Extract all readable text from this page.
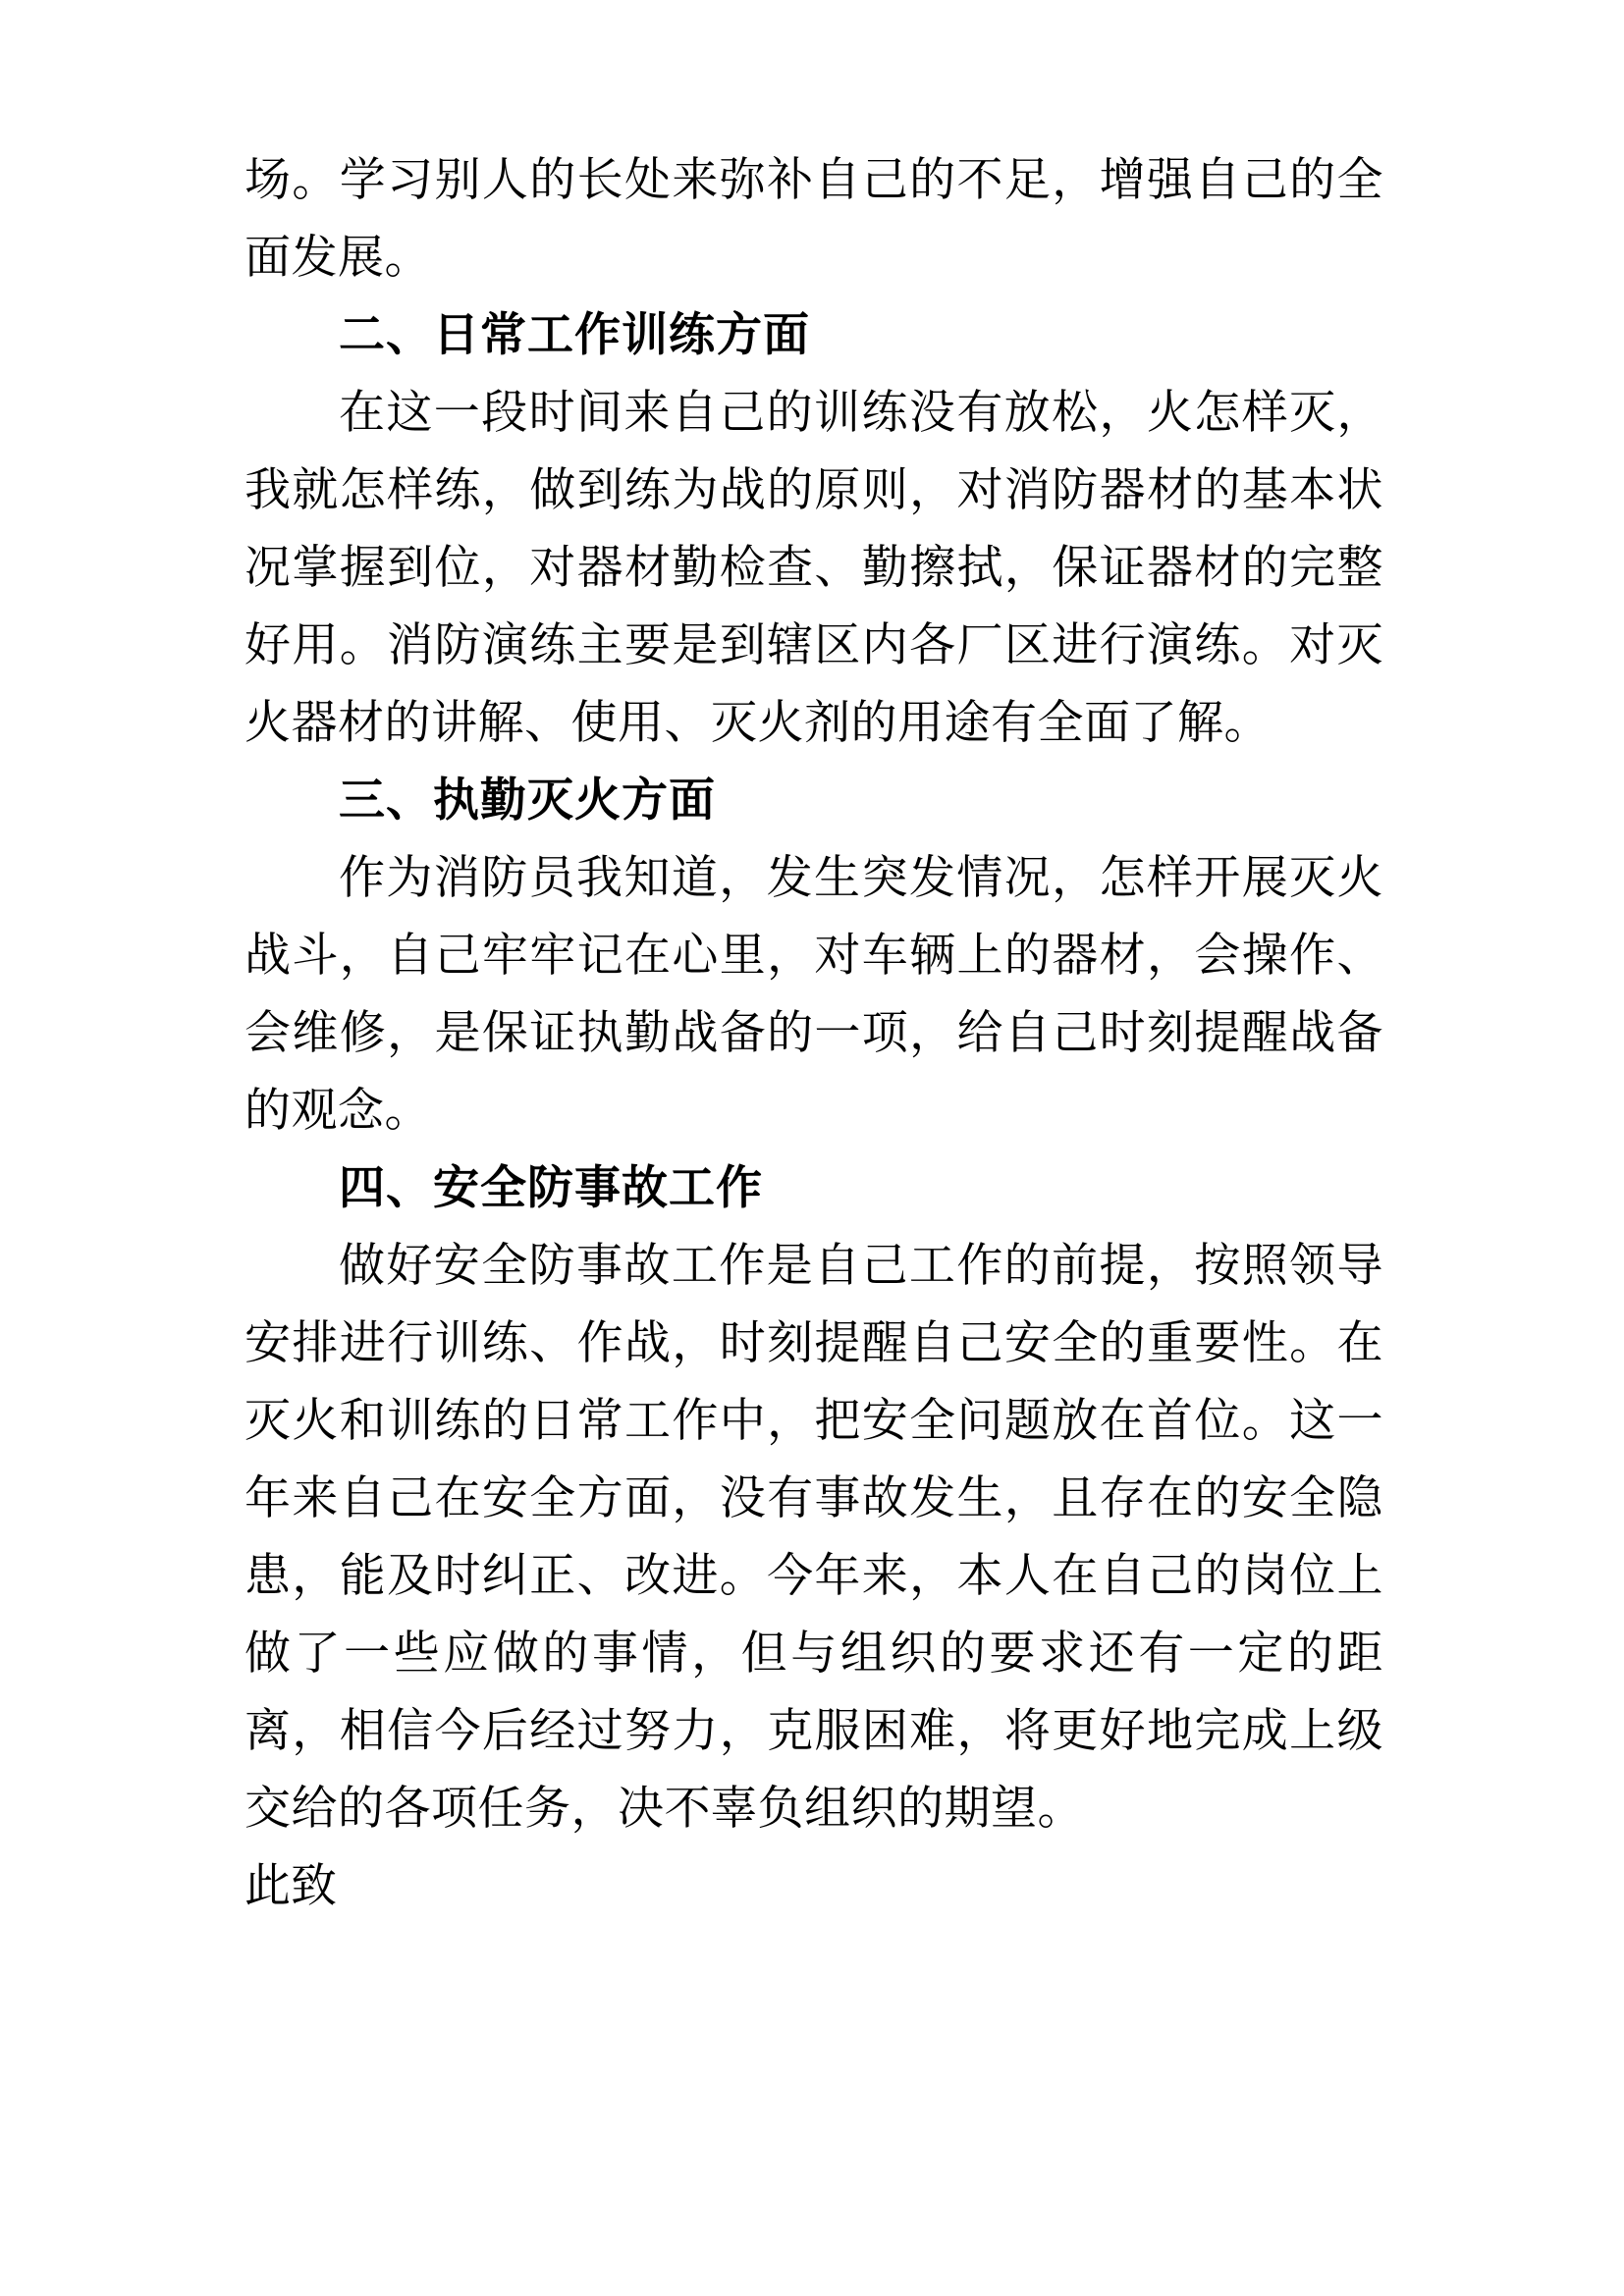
场。学习别人的长处来弥补自己的不足，增强自己的全面发展。

二、日常工作训练方面

在这一段时间来自己的训练没有放松，火怎样灭，我就怎样练，做到练为战的原则，对消防器材的基本状况掌握到位，对器材勤检查、勤擦拭，保证器材的完整好用。消防演练主要是到辖区内各厂区进行演练。对灭火器材的讲解、使用、灭火剂的用途有全面了解。

三、执勤灭火方面

作为消防员我知道，发生突发情况，怎样开展灭火战斗，自己牢牢记在心里，对车辆上的器材，会操作、会维修，是保证执勤战备的一项，给自己时刻提醒战备的观念。

四、安全防事故工作

做好安全防事故工作是自己工作的前提，按照领导安排进行训练、作战，时刻提醒自己安全的重要性。在灭火和训练的日常工作中，把安全问题放在首位。这一年来自己在安全方面，没有事故发生，且存在的安全隐患，能及时纠正、改进。今年来，本人在自己的岗位上做了一些应做的事情，但与组织的要求还有一定的距离，相信今后经过努力，克服困难，将更好地完成上级交给的各项任务，决不辜负组织的期望。

此致
